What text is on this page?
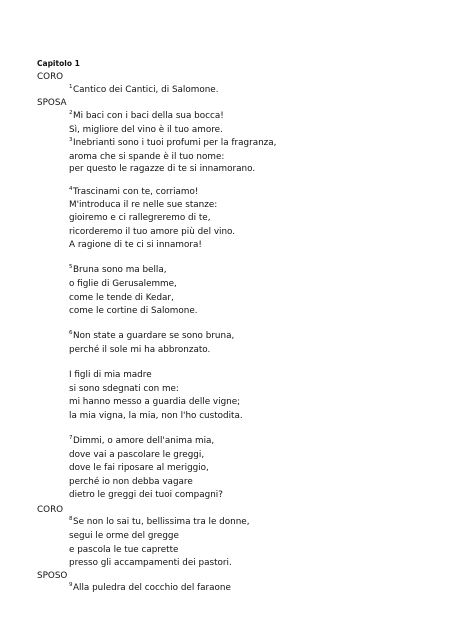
Capitolo 1
CORO
SPOSA
CORO
SPOSO
$^1$Cantico dei Cantici, di Salomone.
$^2$Mi baci con i baci della sua bocca!
Sì, migliore del vino è il tuo amore.
$^3$Inebrianti sono i tuoi profumi per la fragranza,
aroma che si spande è il tuo nome:
per questo le ragazze di te si innamorano.
$^4$Trascinami con te, corriamo!
M'introduca il re nelle sue stanze:
gioiremo e ci rallegreremo di te,
ricorderemo il tuo amore più del vino.
A ragione di te ci si innamora!
$^5$Bruna sono ma bella,
o figlie di Gerusalemme,
come le tende di Kedar,
come le cortine di Salomone.
$^6$Non state a guardare se sono bruna,
perché il sole mi ha abbronzato.
I figli di mia madre
si sono sdegnati con me:
mi hanno messo a guardia delle vigne;
la mia vigna, la mia, non l'ho custodita.
$^7$Dimmi, o amore dell'anima mia,
dove vai a pascolare le greggi,
dove le fai riposare al meriggio,
perché io non debba vagare
dietro le greggi dei tuoi compagni?
$^8$Se non lo sai tu, bellissima tra le donne,
segui le orme del gregge
e pascola le tue caprette
presso gli accampamenti dei pastori.
$^9$Alla puledra del cocchio del faraone
